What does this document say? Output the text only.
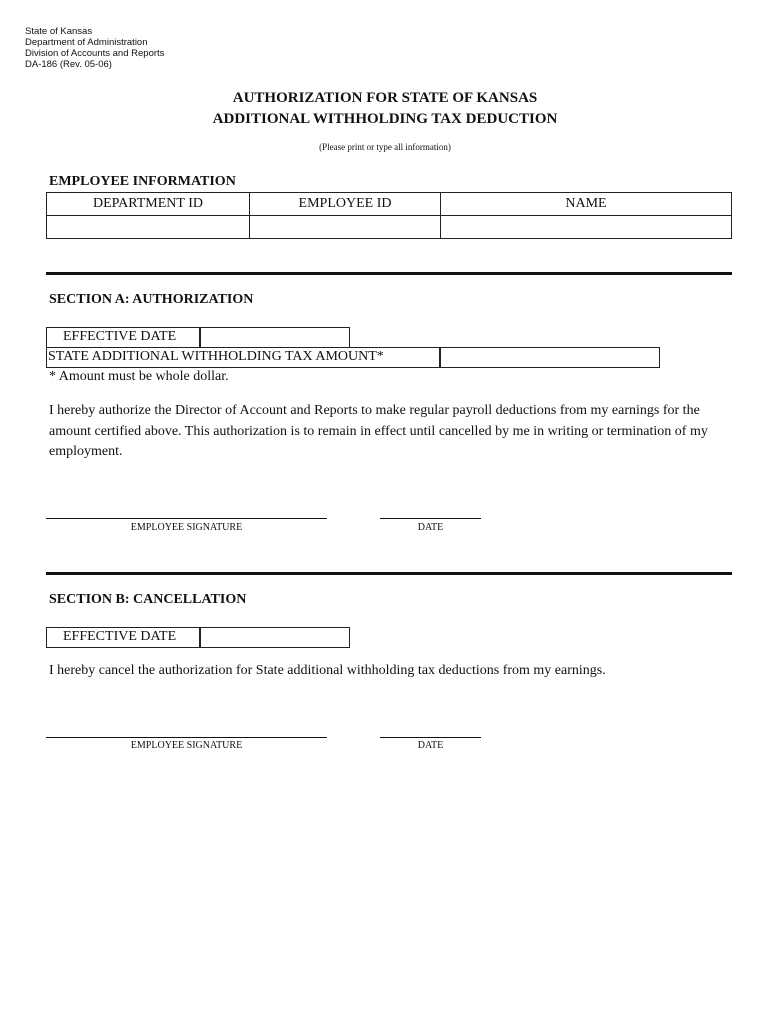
State of Kansas
Department of Administration
Division of Accounts and Reports
DA-186 (Rev. 05-06)
AUTHORIZATION FOR STATE OF KANSAS
ADDITIONAL WITHHOLDING TAX DEDUCTION
(Please print or type all information)
EMPLOYEE INFORMATION
DEPARTMENT ID	EMPLOYEE ID	NAME

SECTION A: AUTHORIZATION
EFFECTIVE DATE
STATE ADDITIONAL WITHHOLDING TAX AMOUNT*
* Amount must be whole dollar.
I hereby authorize the Director of Account and Reports to make regular payroll deductions from my earnings for the amount certified above. This authorization is to remain in effect until cancelled by me in writing or termination of my employment.
EMPLOYEE SIGNATURE	DATE
SECTION B: CANCELLATION
EFFECTIVE DATE
I hereby cancel the authorization for State additional withholding tax deductions from my earnings.
EMPLOYEE SIGNATURE	DATE
